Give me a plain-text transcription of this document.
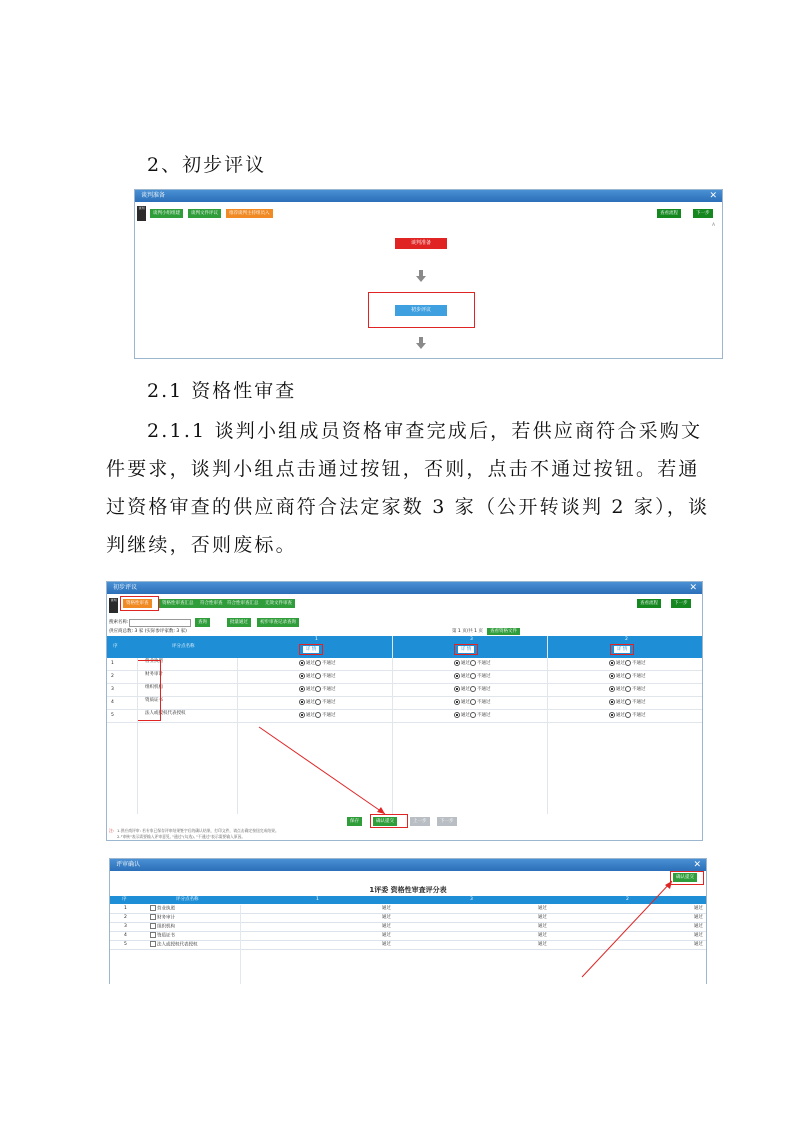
2、初步评议
谈判准备	✕
谈判
谈判小组组建	谈判文件评议	推荐谈判主持组员入	查看流程	下一步
A
谈判准备
初步评议
2.1 资格性审查
2.1.1 谈判小组成员资格审查完成后，若供应商符合采购文
件要求，谈判小组点击通过按钮，否则，点击不通过按钮。若通
过资格审查的供应商符合法定家数 3 家（公开转谈判 2 家），谈
判继续，否则废标。
初步评议	✕
谈判
资格性审查	资格性审查汇总	符合性审查	符合性审查汇总	无效文件审查	查看流程	下一步
搜索名称:	查询	批量通过	初步审查记录查询
供应商总数: 3 家 (实际参评家数: 3 家)	第 1 页/共 1 页	查看资格文件
序	评分点名称
1	3	2
详 情	详 情	详 情
1	营业执照	通过	不通过	通过	不通过	通过	不通过
2	财务审计	通过	不通过	通过	不通过	通过	不通过
3	组织机构	通过	不通过	通过	不通过	通过	不通过
4	资质证书	通过	不通过	通过	不通过	通过	不通过
5	法人或授权代表授权	通过	不通过	通过	不通过	通过	不通过
保存	确认提交	上一步	下一步
注: 1.供应商评审: 若专家已保存评审结果签字后的确认结果，打印文件，请点击确定按钮完成结果。
2."审核"表示需要输入评审意见, "通过"(勾选), "不通过"表示需要输入原因。
评审确认	✕
确认提交
1评委 资格性审查评分表
序	评分点名称	1	3	2
1	营业执照	通过	通过	通过
2	财务审计	通过	通过	通过
3	组织机构	通过	通过	通过
4	资质证书	通过	通过	通过
5	法人或授权代表授权	通过	通过	通过
